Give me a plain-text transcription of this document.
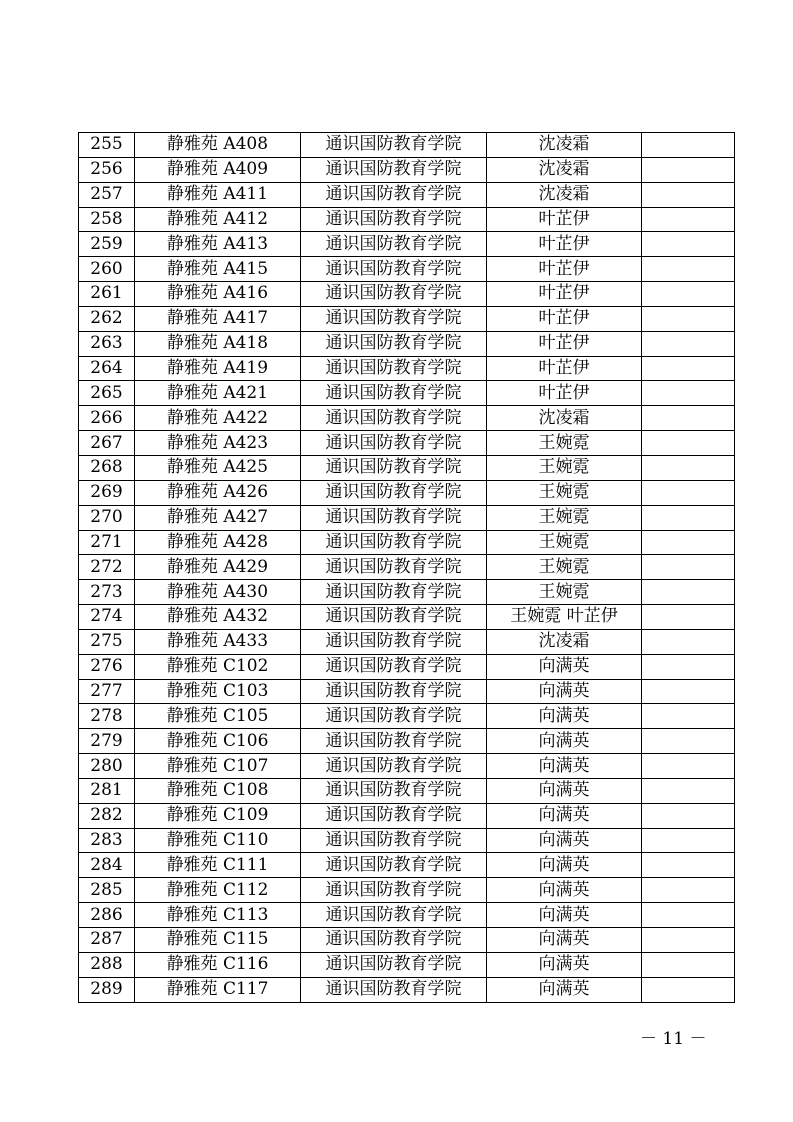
255	静雅苑 A408	通识国防教育学院	沈凌霜	
256	静雅苑 A409	通识国防教育学院	沈凌霜	
257	静雅苑 A411	通识国防教育学院	沈凌霜	
258	静雅苑 A412	通识国防教育学院	叶芷伊	
259	静雅苑 A413	通识国防教育学院	叶芷伊	
260	静雅苑 A415	通识国防教育学院	叶芷伊	
261	静雅苑 A416	通识国防教育学院	叶芷伊	
262	静雅苑 A417	通识国防教育学院	叶芷伊	
263	静雅苑 A418	通识国防教育学院	叶芷伊	
264	静雅苑 A419	通识国防教育学院	叶芷伊	
265	静雅苑 A421	通识国防教育学院	叶芷伊	
266	静雅苑 A422	通识国防教育学院	沈凌霜	
267	静雅苑 A423	通识国防教育学院	王婉霓	
268	静雅苑 A425	通识国防教育学院	王婉霓	
269	静雅苑 A426	通识国防教育学院	王婉霓	
270	静雅苑 A427	通识国防教育学院	王婉霓	
271	静雅苑 A428	通识国防教育学院	王婉霓	
272	静雅苑 A429	通识国防教育学院	王婉霓	
273	静雅苑 A430	通识国防教育学院	王婉霓	
274	静雅苑 A432	通识国防教育学院	王婉霓 叶芷伊	
275	静雅苑 A433	通识国防教育学院	沈凌霜	
276	静雅苑 C102	通识国防教育学院	向满英	
277	静雅苑 C103	通识国防教育学院	向满英	
278	静雅苑 C105	通识国防教育学院	向满英	
279	静雅苑 C106	通识国防教育学院	向满英	
280	静雅苑 C107	通识国防教育学院	向满英	
281	静雅苑 C108	通识国防教育学院	向满英	
282	静雅苑 C109	通识国防教育学院	向满英	
283	静雅苑 C110	通识国防教育学院	向满英	
284	静雅苑 C111	通识国防教育学院	向满英	
285	静雅苑 C112	通识国防教育学院	向满英	
286	静雅苑 C113	通识国防教育学院	向满英	
287	静雅苑 C115	通识国防教育学院	向满英	
288	静雅苑 C116	通识国防教育学院	向满英	
289	静雅苑 C117	通识国防教育学院	向满英	
－ 11 －
